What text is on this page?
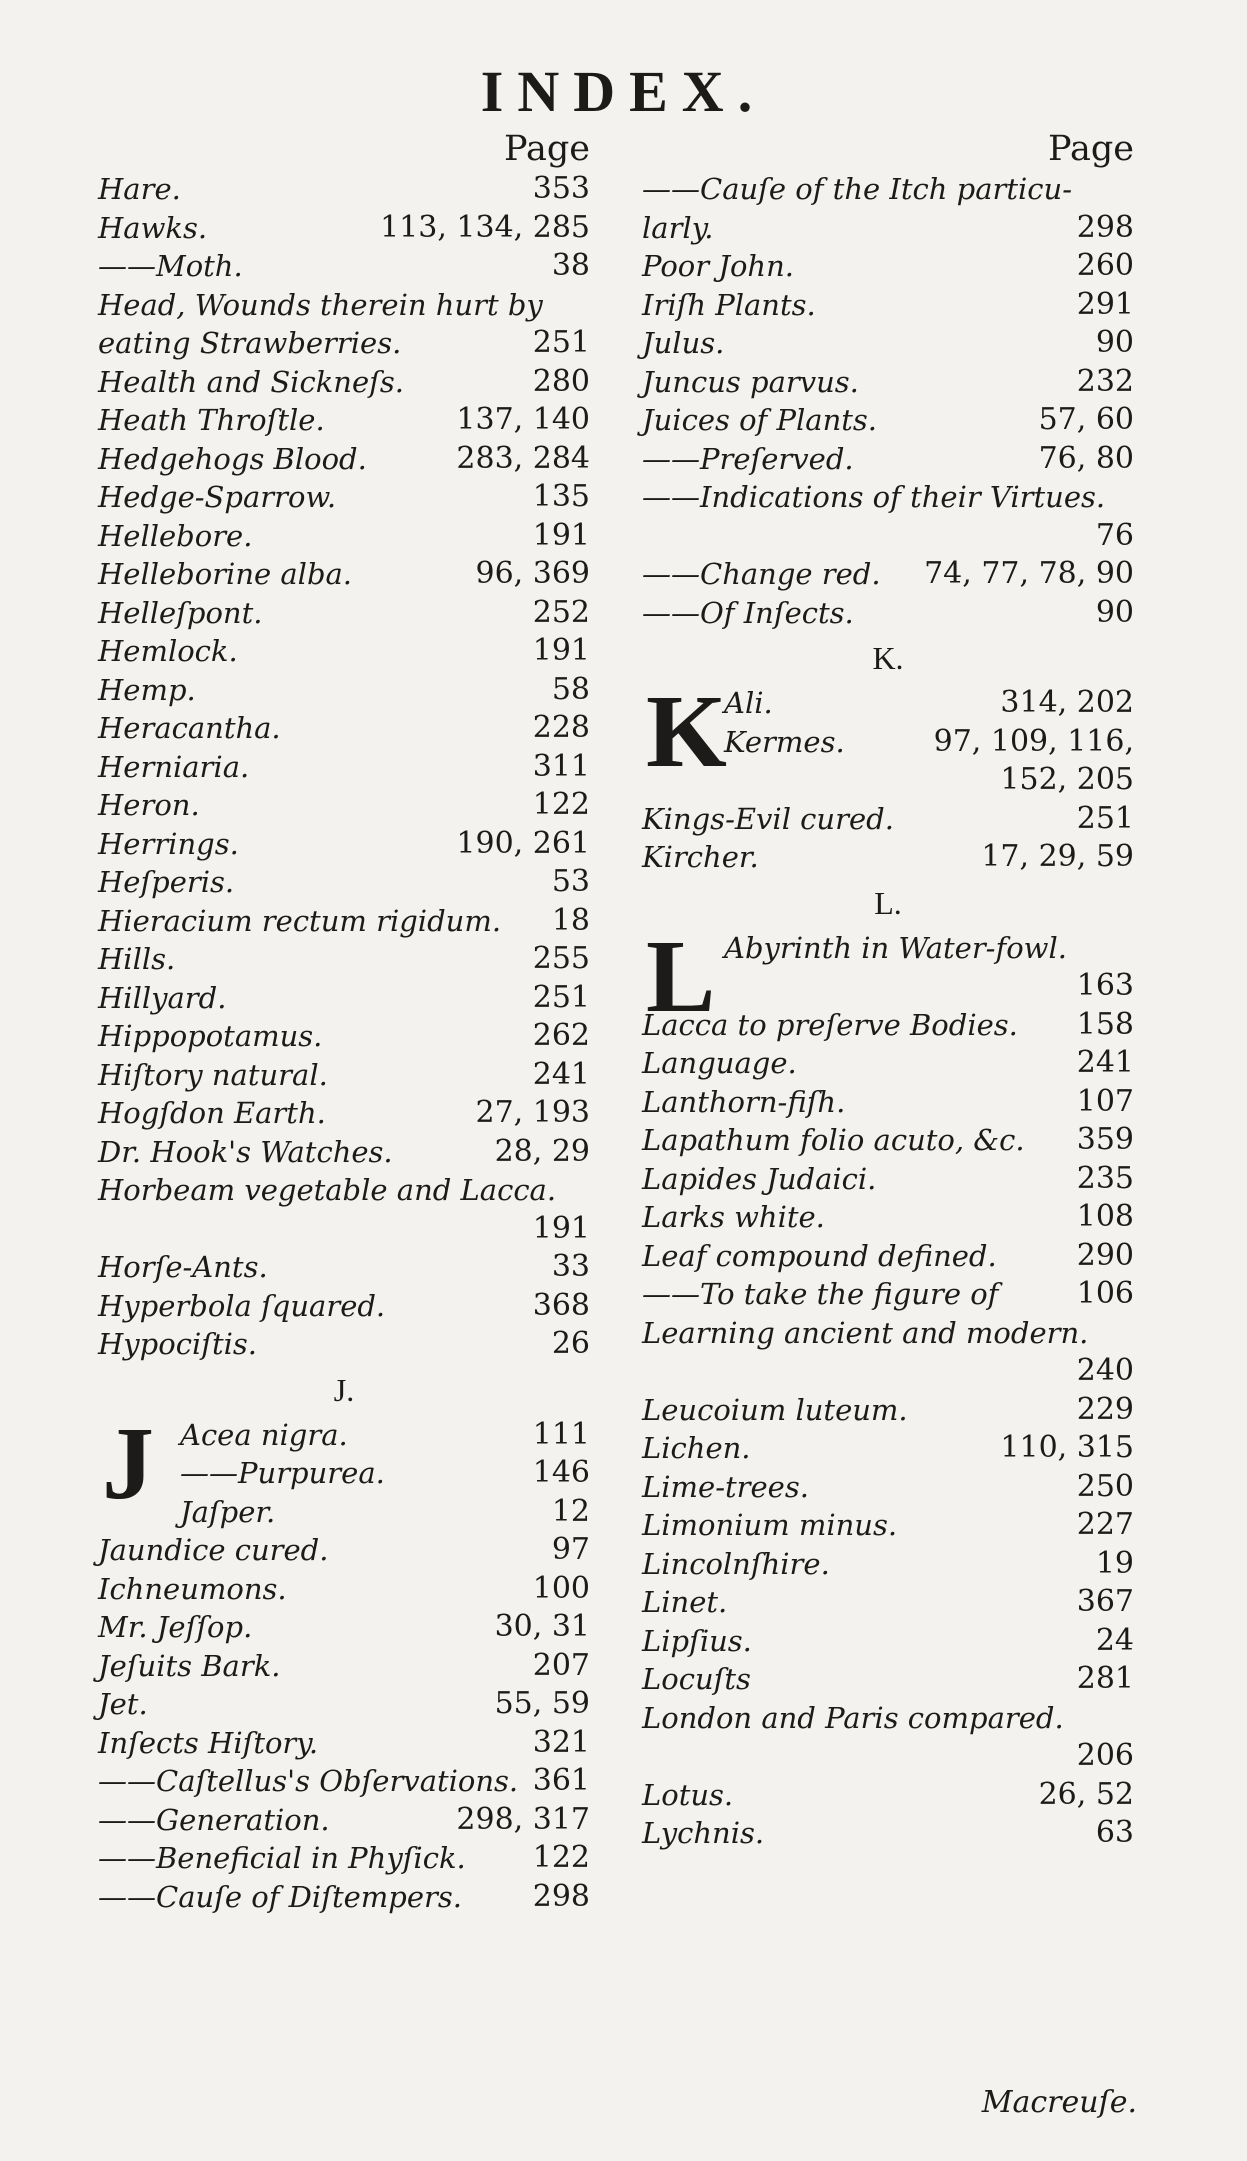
INDEX.
Page
Hare.	353
Hawks.	113, 134, 285
——Moth.	38
Head, Wounds therein hurt by
eating Strawberries.	251
Health and Sickneſs.	280
Heath Throſtle.	137, 140
Hedgehogs Blood.	283, 284
Hedge-Sparrow.	135
Hellebore.	191
Helleborine alba.	96, 369
Helleſpont.	252
Hemlock.	191
Hemp.	58
Heracantha.	228
Herniaria.	311
Heron.	122
Herrings.	190, 261
Heſperis.	53
Hieracium rectum rigidum. 18
Hills.	255
Hillyard.	251
Hippopotamus.	262
Hiſtory natural.	241
Hogſdon Earth.	27, 193
Dr. Hook's Watches.	28, 29
Horbeam vegetable and Lacca.
191
Horſe-Ants.	33
Hyperbola ſquared.	368
Hypociſtis.	26
J.
J Acea nigra.	111
——Purpurea.	146
Jaſper.	12
Jaundice cured.	97
Ichneumons.	100
Mr. Jeſſop.	30, 31
Jeſuits Bark.	207
Jet.	55, 59
Inſects Hiſtory.	321
——Caſtellus's Obſervations. 361
——Generation.	298, 317
——Beneficial in Phyſick. 122
——Cauſe of Diſtempers. 298
Page
——Cauſe of the Itch particu-
larly.	298
Poor John.	260
Iriſh Plants.	291
Julus.	90
Juncus parvus.	232
Juices of Plants.	57, 60
——Preſerved.	76, 80
——Indications of their Virtues.
76
——Change red. 74, 77, 78, 90
——Of Inſects.	90
K.
K
Ali.	314, 202
Kermes.	97, 109, 116,
152, 205
Kings-Evil cured.	251
Kircher.	17, 29, 59
L.
L Abyrinth in Water-fowl.
163
Lacca to preſerve Bodies. 158
Language.	241
Lanthorn-fiſh.	107
Lapathum folio acuto, &c. 359
Lapides Judaici.	235
Larks white.	108
Leaf compound defined.	290
——To take the figure of	106
Learning ancient and modern.
240
Leucoium luteum.	229
Lichen.	110, 315
Lime-trees.	250
Limonium minus.	227
Lincolnſhire.	19
Linet.	367
Lipſius.	24
Locuſts	281
London and Paris compared.
206
Lotus.	26, 52
Lychnis.	63
Macreuſe.
